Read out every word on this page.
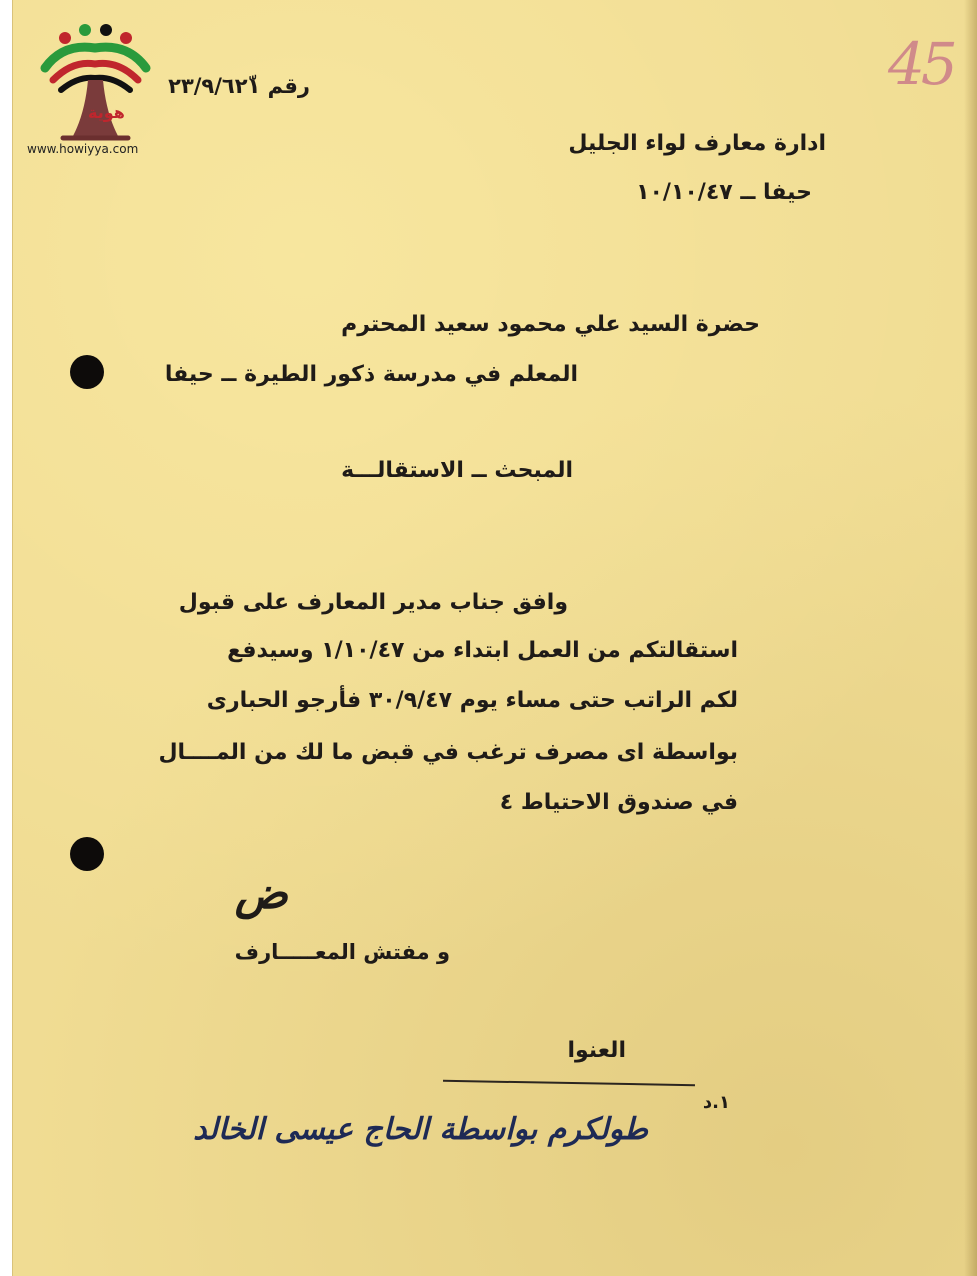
هوية
www.howiyya.com
45
رقم ٢٣/٩/٦٢ّ١
ادارة معارف لواء الجليل
حيفا ــ ١٠/١٠/٤٧
حضرة السيد علي محمود سعيد المحترم
المعلم في مدرسة ذكور الطيرة ــ حيفا
المبحث ــ الاستقالـــة
وافق جناب مدير المعارف على قبول
استقالتكم من العمل ابتداء من ١/١٠/٤٧ وسيدفع
لكم الراتب حتى مساء يوم ٣٠/٩/٤٧ فأرجو الحبارى
بواسطة اى مصرف ترغب في قبض ما لك من المــــال
في صندوق الاحتياط ٤
ض
و مفتش المعـــــارف
العنوا
١.د
طولكرم بواسطة الحاج عيسى الخالد
